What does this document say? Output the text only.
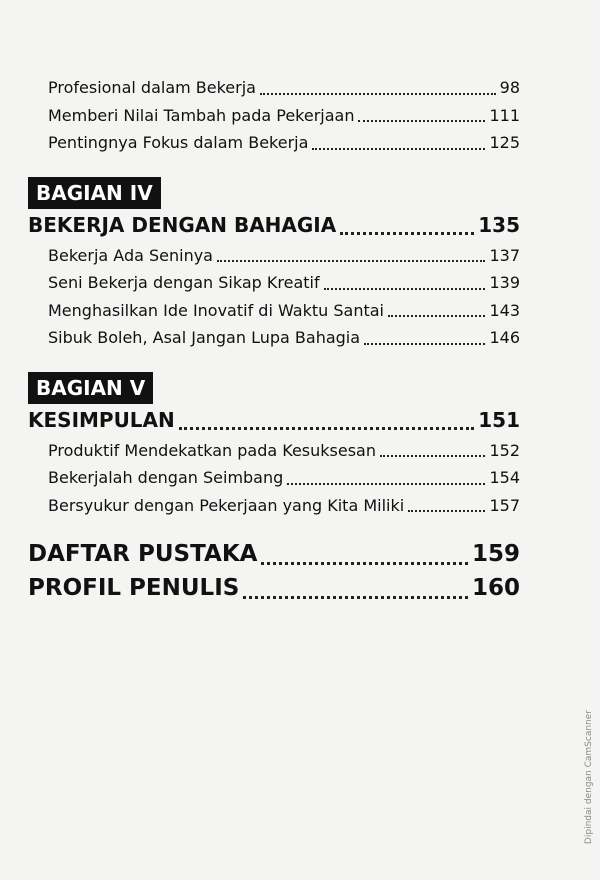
Profesional dalam Bekerja	98
Memberi Nilai Tambah pada Pekerjaan	111
Pentingnya Fokus dalam Bekerja	125
BAGIAN IV
BEKERJA DENGAN BAHAGIA	135
Bekerja Ada Seninya	137
Seni Bekerja dengan Sikap Kreatif	139
Menghasilkan Ide Inovatif di Waktu Santai	143
Sibuk Boleh, Asal Jangan Lupa Bahagia	146
BAGIAN V
KESIMPULAN	151
Produktif Mendekatkan pada Kesuksesan	152
Bekerjalah dengan Seimbang	154
Bersyukur dengan Pekerjaan yang Kita Miliki	157
DAFTAR PUSTAKA	159
PROFIL PENULIS	160
Dipindai dengan CamScanner
